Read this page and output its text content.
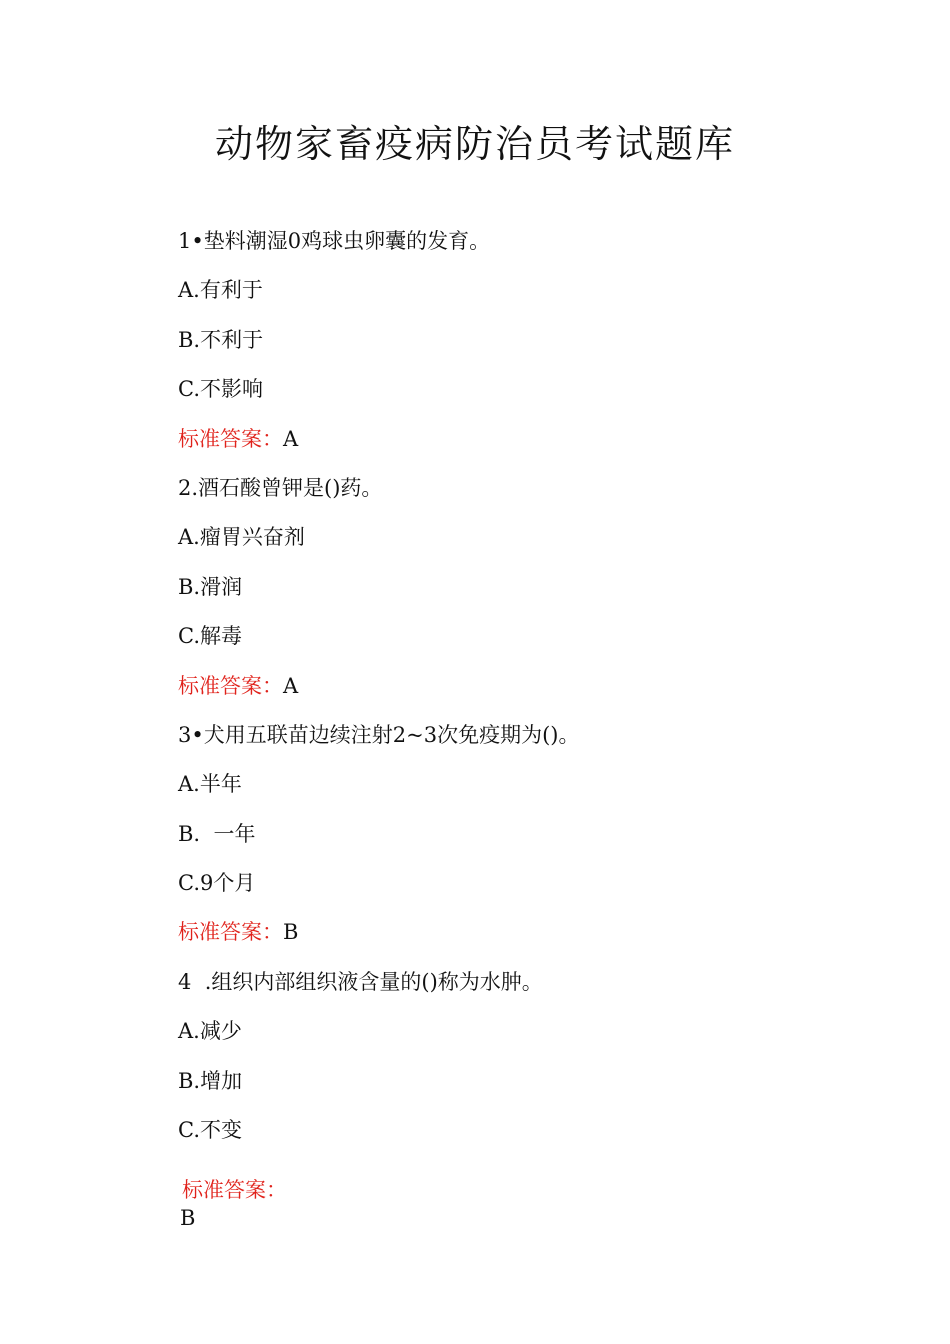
动物家畜疫病防治员考试题库
1•垫料潮湿0鸡球虫卵囊的发育。
A.有利于
B.不利于
C.不影响
标准答案：A
2.酒石酸曾钾是()药。
A.瘤胃兴奋剂
B.滑润
C.解毒
标准答案：A
3•犬用五联苗边续注射2~3次免疫期为()。
A.半年
B.  一年
C.9个月
标准答案：B
4  .组织内部组织液含量的()称为水肿。
A.减少
B.增加
C.不变
标准答案：
B
